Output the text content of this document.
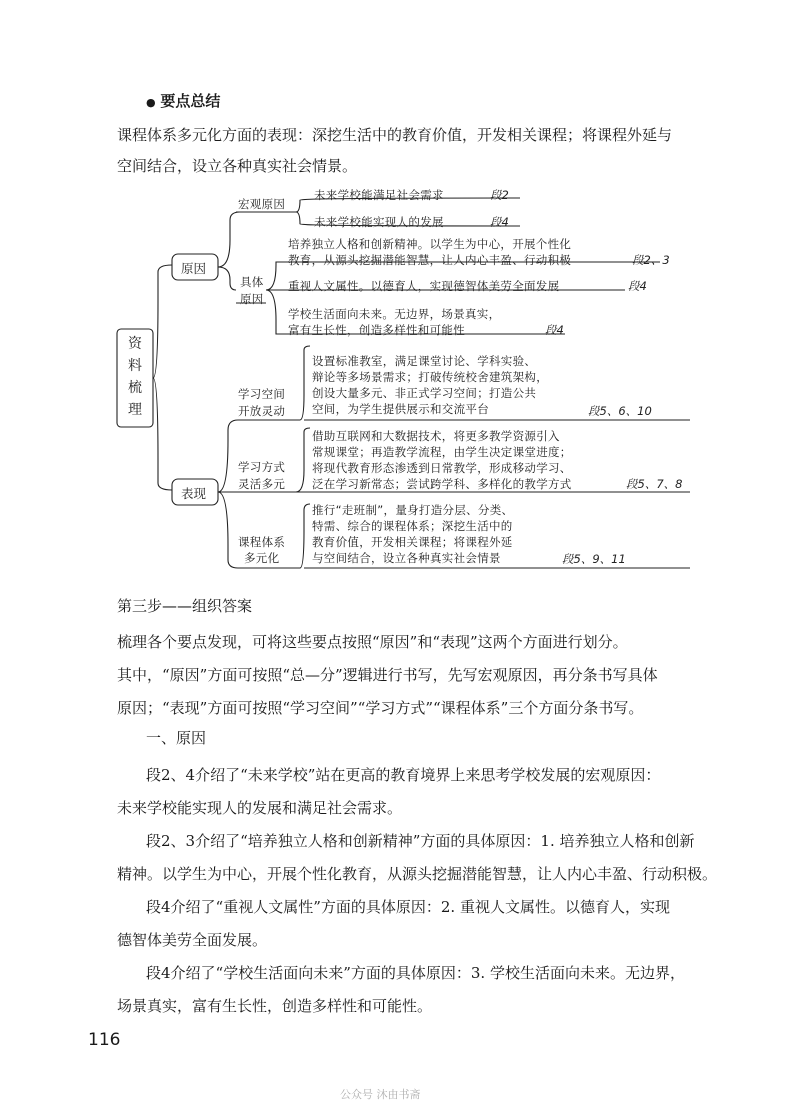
● 要点总结
课程体系多元化方面的表现：深挖生活中的教育价值，开发相关课程；将课程外延与
空间结合，设立各种真实社会情景。
资料梳理
原因
表现
宏观原因
未来学校能满足社会需求	段2
未来学校能实现人的发展	段4
具体
原因
培养独立人格和创新精神。以学生为中心，开展个性化
教育，从源头挖掘潜能智慧，让人内心丰盈、行动积极	段2、3
重视人文属性。以德育人，实现德智体美劳全面发展	段4
学校生活面向未来。无边界，场景真实，
富有生长性，创造多样性和可能性	段4
学习空间
开放灵动
设置标准教室，满足课堂讨论、学科实验、
辩论等多场景需求；打破传统校舍建筑架构，
创设大量多元、非正式学习空间；打造公共
空间，为学生提供展示和交流平台	段5、6、10
学习方式
灵活多元
借助互联网和大数据技术，将更多教学资源引入
常规课堂；再造教学流程，由学生决定课堂进度；
将现代教育形态渗透到日常教学，形成移动学习、
泛在学习新常态；尝试跨学科、多样化的教学方式	段5、7、8
课程体系
多元化
推行“走班制”，量身打造分层、分类、
特需、综合的课程体系；深挖生活中的
教育价值，开发相关课程；将课程外延
与空间结合，设立各种真实社会情景	段5、9、11
第三步——组织答案
梳理各个要点发现，可将这些要点按照“原因”和“表现”这两个方面进行划分。
其中，“原因”方面可按照“总—分”逻辑进行书写，先写宏观原因，再分条书写具体
原因；“表现”方面可按照“学习空间”“学习方式”“课程体系”三个方面分条书写。
一、原因
段2、4介绍了“未来学校”站在更高的教育境界上来思考学校发展的宏观原因：
未来学校能实现人的发展和满足社会需求。
段2、3介绍了“培养独立人格和创新精神”方面的具体原因：1. 培养独立人格和创新
精神。以学生为中心，开展个性化教育，从源头挖掘潜能智慧，让人内心丰盈、行动积极。
段4介绍了“重视人文属性”方面的具体原因：2. 重视人文属性。以德育人，实现
德智体美劳全面发展。
段4介绍了“学校生活面向未来”方面的具体原因：3. 学校生活面向未来。无边界，
场景真实，富有生长性，创造多样性和可能性。
116
公众号 沐由书斋
